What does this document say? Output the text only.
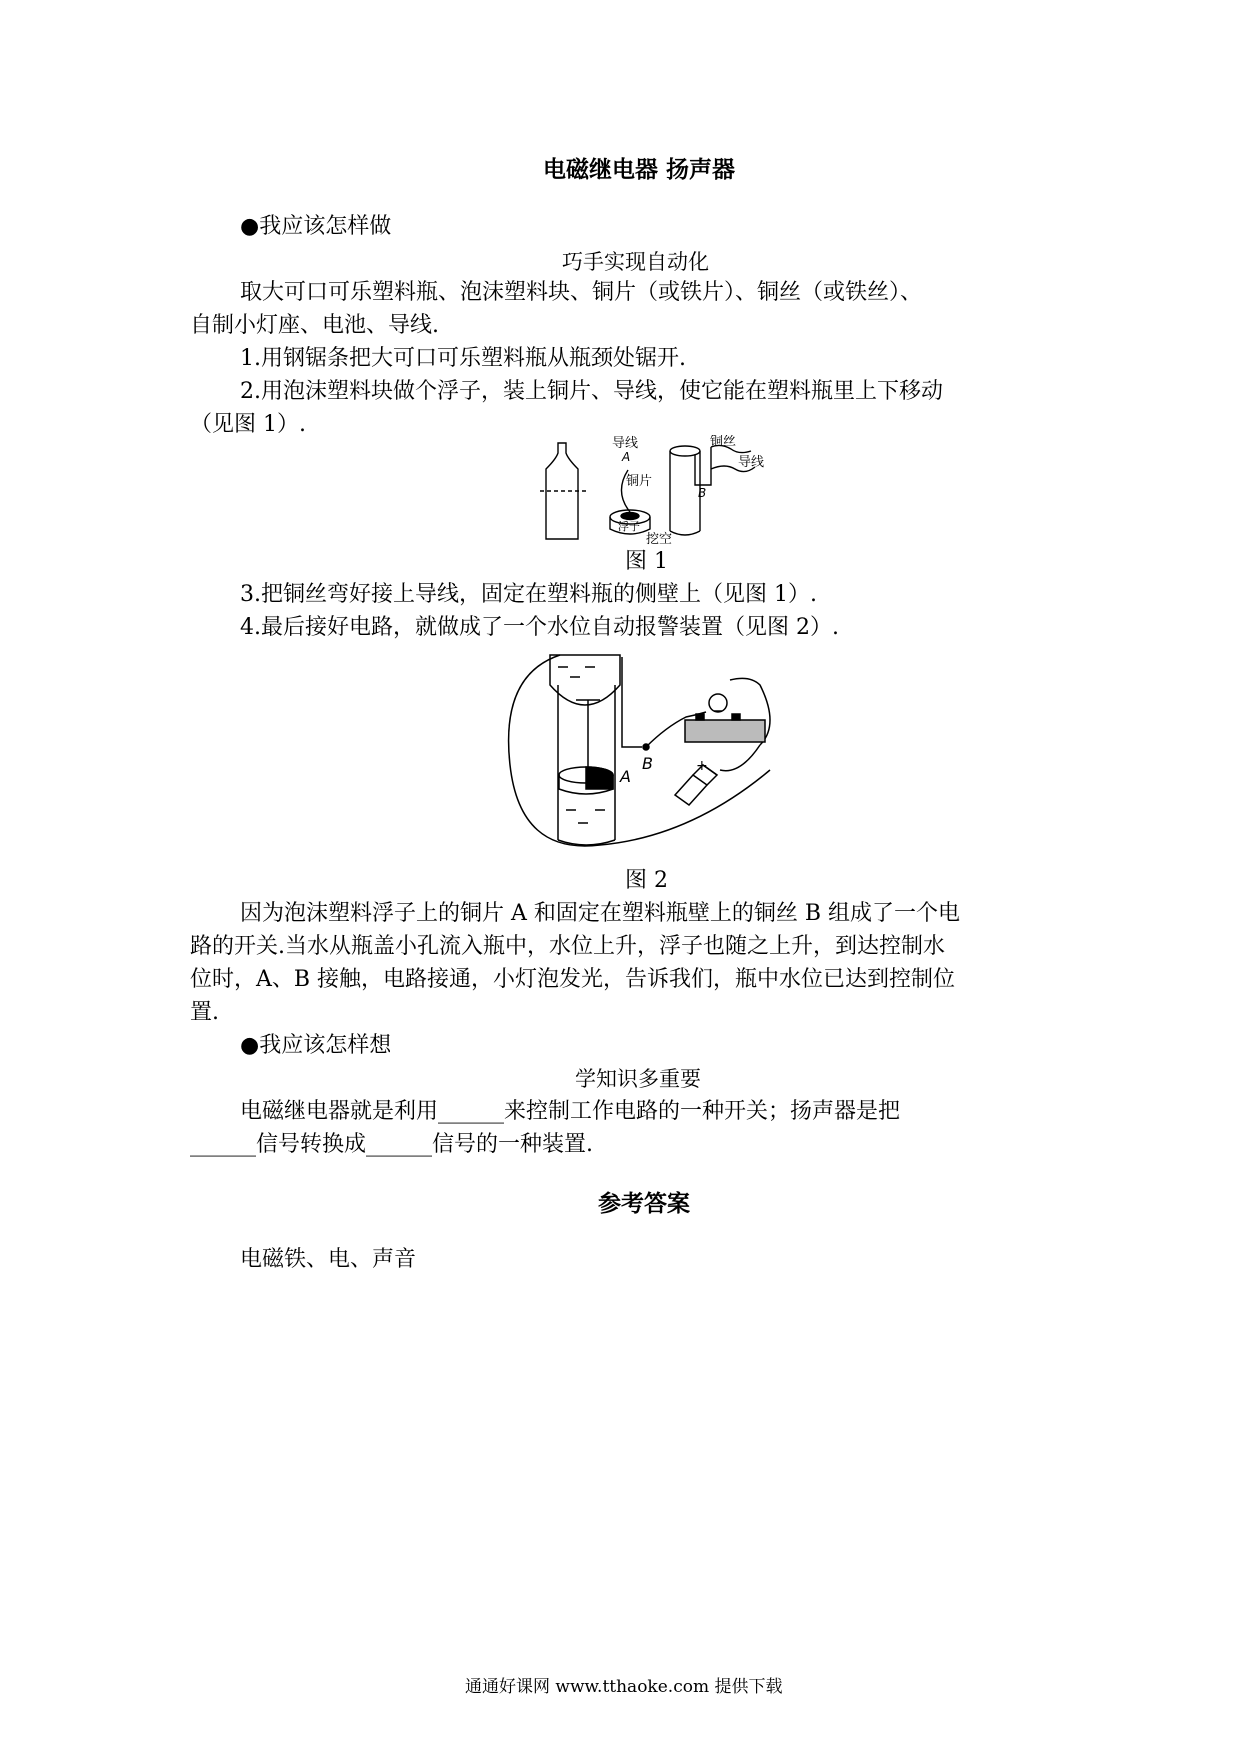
电磁继电器 扬声器
●我应该怎样做
巧手实现自动化
取大可口可乐塑料瓶、泡沫塑料块、铜片（或铁片）、铜丝（或铁丝）、
自制小灯座、电池、导线.
1.用钢锯条把大可口可乐塑料瓶从瓶颈处锯开.
2.用泡沫塑料块做个浮子，装上铜片、导线，使它能在塑料瓶里上下移动
（见图 1）.
导线
A
铜片
浮子
挖空
铜丝
导线
B
图 1
3.把铜丝弯好接上导线，固定在塑料瓶的侧壁上（见图 1）.
4.最后接好电路，就做成了一个水位自动报警装置（见图 2）.
+
A
B
图 2
因为泡沫塑料浮子上的铜片 A 和固定在塑料瓶壁上的铜丝 B 组成了一个电
路的开关.当水从瓶盖小孔流入瓶中，水位上升，浮子也随之上升，到达控制水
位时，A、B 接触，电路接通，小灯泡发光，告诉我们，瓶中水位已达到控制位
置.
●我应该怎样想
学知识多重要
电磁继电器就是利用______来控制工作电路的一种开关；扬声器是把
______信号转换成______信号的一种装置.
参考答案
电磁铁、电、声音
通通好课网 www.tthaoke.com 提供下载
